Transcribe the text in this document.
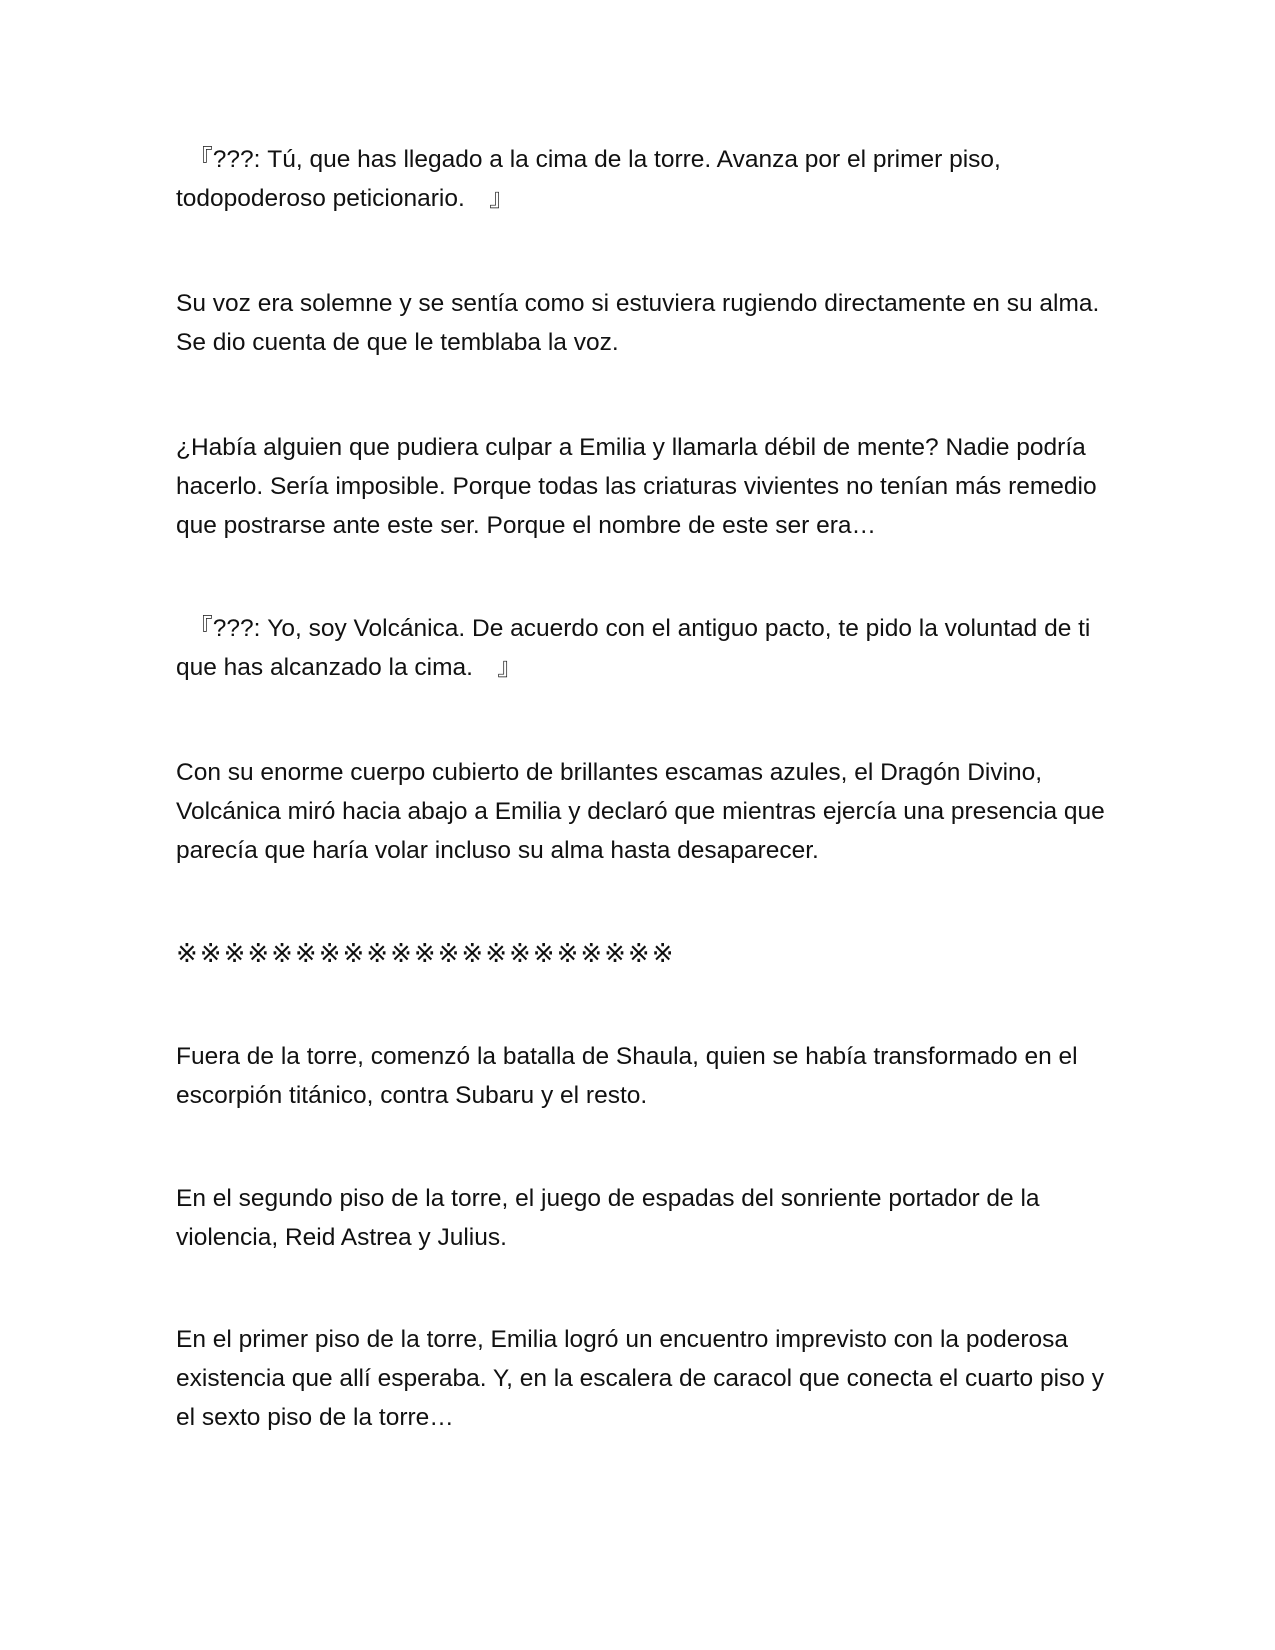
　『???: Tú, que has llegado a la cima de la torre. Avanza por el primer piso, todopoderoso peticionario.　』

Su voz era solemne y se sentía como si estuviera rugiendo directamente en su alma. Se dio cuenta de que le temblaba la voz.

¿Había alguien que pudiera culpar a Emilia y llamarla débil de mente? Nadie podría hacerlo. Sería imposible. Porque todas las criaturas vivientes no tenían más remedio que postrarse ante este ser. Porque el nombre de este ser era…

　『???: Yo, soy Volcánica. De acuerdo con el antiguo pacto, te pido la voluntad de ti que has alcanzado la cima.　』

Con su enorme cuerpo cubierto de brillantes escamas azules, el Dragón Divino, Volcánica miró hacia abajo a Emilia y declaró que mientras ejercía una presencia que parecía que haría volar incluso su alma hasta desaparecer.

※※※※※※※※※※※※※※※※※※※※※

Fuera de la torre, comenzó la batalla de Shaula, quien se había transformado en el escorpión titánico, contra Subaru y el resto.

En el segundo piso de la torre, el juego de espadas del sonriente portador de la violencia, Reid Astrea y Julius.

En el primer piso de la torre, Emilia logró un encuentro imprevisto con la poderosa existencia que allí esperaba. Y, en la escalera de caracol que conecta el cuarto piso y el sexto piso de la torre…
